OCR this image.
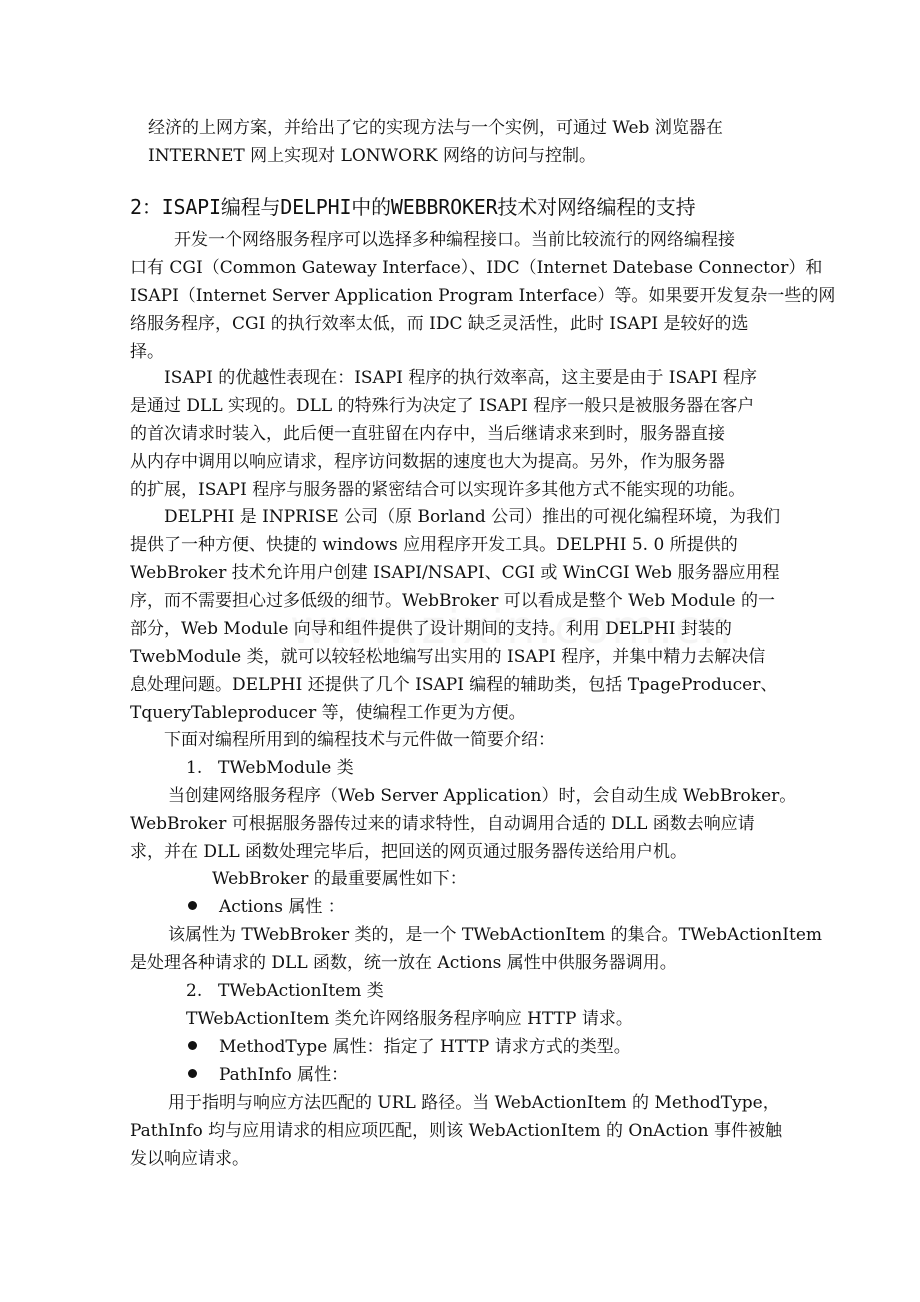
经济的上网方案，并给出了它的实现方法与一个实例，可通过 Web 浏览器在
INTERNET 网上实现对 LONWORK 网络的访问与控制。
2：ISAPI编程与DELPHI中的WEBBROKER技术对网络编程的支持
开发一个网络服务程序可以选择多种编程接口。当前比较流行的网络编程接
口有 CGI（Common Gateway Interface）、IDC（Internet Datebase Connector）和
ISAPI（Internet Server Application Program Interface）等。如果要开发复杂一些的网
络服务程序，CGI 的执行效率太低，而 IDC 缺乏灵活性，此时 ISAPI 是较好的选
择。
ISAPI 的优越性表现在：ISAPI 程序的执行效率高，这主要是由于 ISAPI 程序
是通过 DLL 实现的。DLL 的特殊行为决定了 ISAPI 程序一般只是被服务器在客户
的首次请求时装入，此后便一直驻留在内存中，当后继请求来到时，服务器直接
从内存中调用以响应请求，程序访问数据的速度也大为提高。另外，作为服务器
的扩展，ISAPI 程序与服务器的紧密结合可以实现许多其他方式不能实现的功能。
DELPHI 是 INPRISE 公司（原 Borland 公司）推出的可视化编程环境，为我们
提供了一种方便、快捷的 windows 应用程序开发工具。DELPHI 5. 0 所提供的
WebBroker 技术允许用户创建 ISAPI/NSAPI、CGI 或 WinCGI Web 服务器应用程
序，而不需要担心过多低级的细节。WebBroker 可以看成是整个 Web Module 的一
部分，Web Module 向导和组件提供了设计期间的支持。利用 DELPHI 封装的
TwebModule 类，就可以较轻松地编写出实用的 ISAPI 程序，并集中精力去解决信
息处理问题。DELPHI 还提供了几个 ISAPI 编程的辅助类，包括 TpageProducer、
TqueryTableproducer 等，使编程工作更为方便。
下面对编程所用到的编程技术与元件做一简要介绍：
1. TWebModule 类
当创建网络服务程序（Web Server Application）时，会自动生成 WebBroker。
WebBroker 可根据服务器传过来的请求特性，自动调用合适的 DLL 函数去响应请
求，并在 DLL 函数处理完毕后，把回送的网页通过服务器传送给用户机。
WebBroker 的最重要属性如下：
Actions 属性 ：
该属性为 TWebBroker 类的，是一个 TWebActionItem 的集合。TWebActionItem
是处理各种请求的 DLL 函数，统一放在 Actions 属性中供服务器调用。
2. TWebActionItem 类
TWebActionItem 类允许网络服务程序响应 HTTP 请求。
MethodType 属性：指定了 HTTP 请求方式的类型。
PathInfo 属性：
用于指明与响应方法匹配的 URL 路径。当 WebActionItem 的 MethodType，
PathInfo 均与应用请求的相应项匹配，则该 WebActionItem 的 OnAction 事件被触
发以响应请求。
